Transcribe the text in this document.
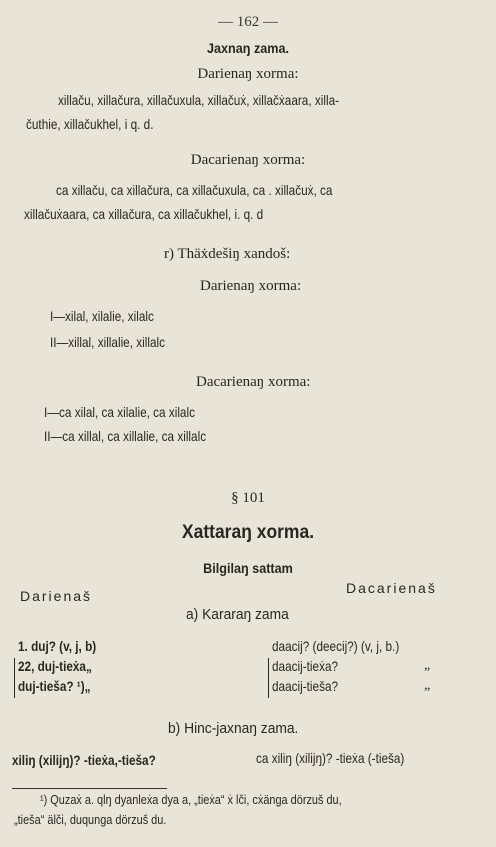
— 162 —
Jaxnaŋ zama.
Darienaŋ xorma:
xillaču, xillačura, xillačuxula, xillačuẋ, xillačẋaara, xilla-
čuthie, xillačukhel, i q. d.
Dacarienaŋ xorma:
ca xillaču, ca xillačura, ca xillačuxula, ca . xillačuẋ, ca
xillačuẋaara, ca xillačura, ca xillačukhel, i. q. d
r) Thäẋdešiŋ xandoš:
Darienaŋ xorma:
I—xilal, xilalie, xilalc
II—xillal, xillalie, xillalc
Dacarienaŋ xorma:
I—ca xilal, ca xilalie, ca xilalc
II—ca xillal, ca xillalie, ca xillalc
§ 101
Xattaraŋ xorma.
Bilgilaŋ sattam
Darienaš	Dacarienaš
a) Kararaŋ zama
1. duj? (v, j, b)
22, duj-tieẋa„
duj-tieša? ¹)„
daacij? (deecij?) (v, j, b.)
daacij-tieẋa?
daacij-tieša?
„
„
b) Hinc-jaxnaŋ zama.
xiliŋ (xilijŋ)? -tieẋa,-tieša?	ca xiliŋ (xilijŋ)? -tieẋa (-tieša)
¹) Quzaẋ a. qlŋ dyanleẋa dya a, „tieẋa“ ẋ lči, cẋänga dörzuš du,
„tieša“ älči, duqunga dörzuš du.
